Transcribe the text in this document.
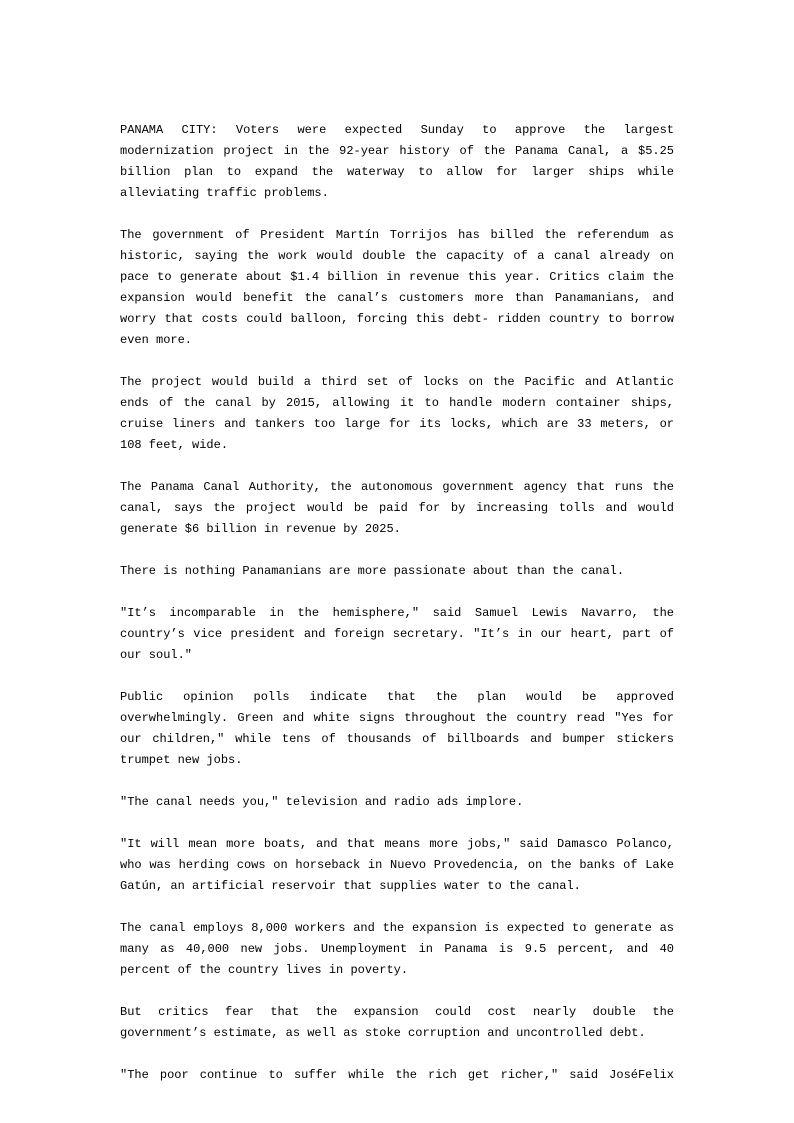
PANAMA CITY: Voters were expected Sunday to approve the largest modernization project in the 92-year history of the Panama Canal, a $5.25 billion plan to expand the waterway to allow for larger ships while alleviating traffic problems.

The government of President Martín Torrijos has billed the referendum as historic, saying the work would double the capacity of a canal already on pace to generate about $1.4 billion in revenue this year. Critics claim the expansion would benefit the canal’s customers more than Panamanians, and worry that costs could balloon, forcing this debt- ridden country to borrow even more.

The project would build a third set of locks on the Pacific and Atlantic ends of the canal by 2015, allowing it to handle modern container ships, cruise liners and tankers too large for its locks, which are 33 meters, or 108 feet, wide.

The Panama Canal Authority, the autonomous government agency that runs the canal, says the project would be paid for by increasing tolls and would generate $6 billion in revenue by 2025.

There is nothing Panamanians are more passionate about than the canal.

″It’s incomparable in the hemisphere,″ said Samuel Lewis Navarro, the country’s vice president and foreign secretary. ″It’s in our heart, part of our soul.″

Public opinion polls indicate that the plan would be approved overwhelmingly. Green and white signs throughout the country read ″Yes for our children,″ while tens of thousands of billboards and bumper stickers trumpet new jobs.

″The canal needs you,″ television and radio ads implore.

″It will mean more boats, and that means more jobs,″ said Damasco Polanco, who was herding cows on horseback in Nuevo Provedencia, on the banks of Lake Gatún, an artificial reservoir that supplies water to the canal.

The canal employs 8,000 workers and the expansion is expected to generate as many as 40,000 new jobs. Unemployment in Panama is 9.5 percent, and 40 percent of the country lives in poverty.

But critics fear that the expansion could cost nearly double the government’s estimate, as well as stoke corruption and uncontrolled debt.

″The poor continue to suffer while the rich get richer,″ said JoséFelix
